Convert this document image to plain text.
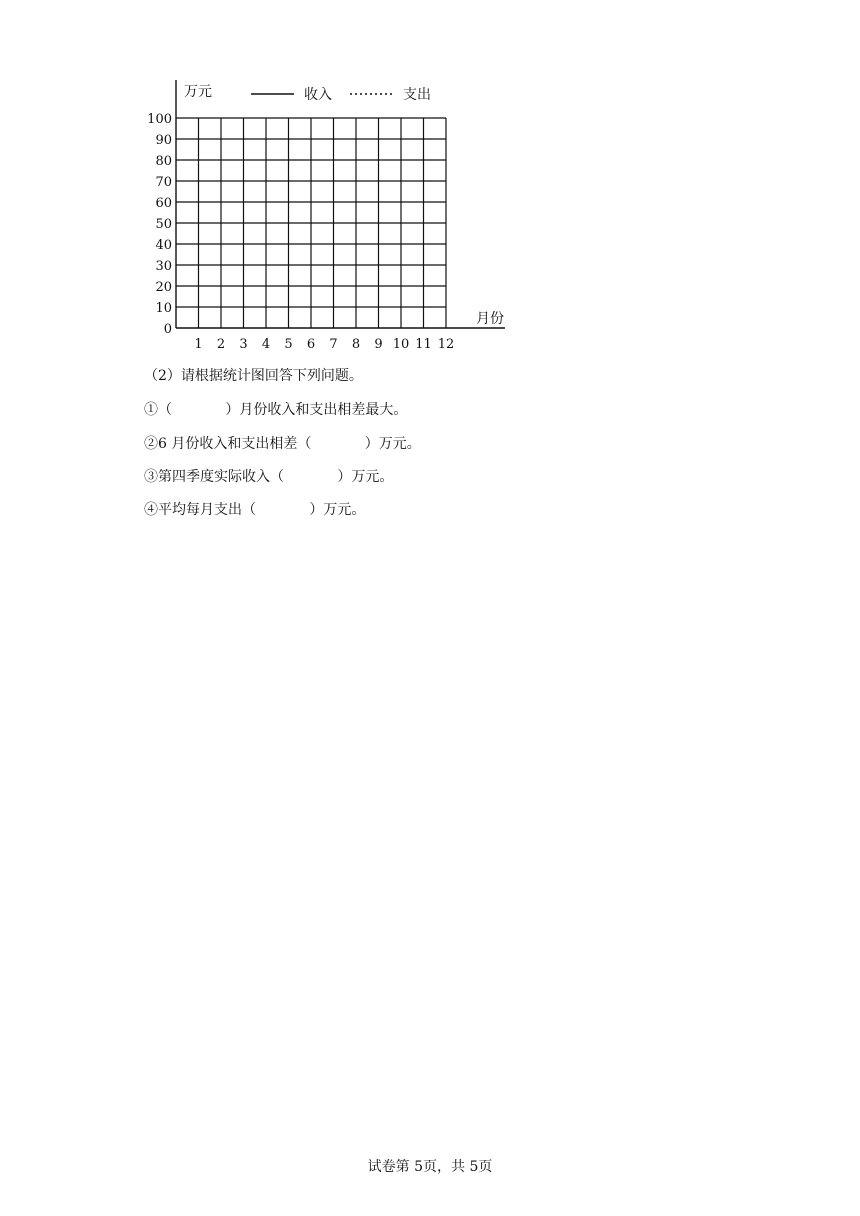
0
10
20
30
40
50
60
70
80
90
100
1 2 3 4 5 6 7 8 9 10 11 12
万元
月份
收入	支出
（2）请根据统计图回答下列问题。
①（            ）月份收入和支出相差最大。
②6 月份收入和支出相差（            ）万元。
③第四季度实际收入（            ）万元。
④平均每月支出（            ）万元。
试卷第 5页，共 5页
